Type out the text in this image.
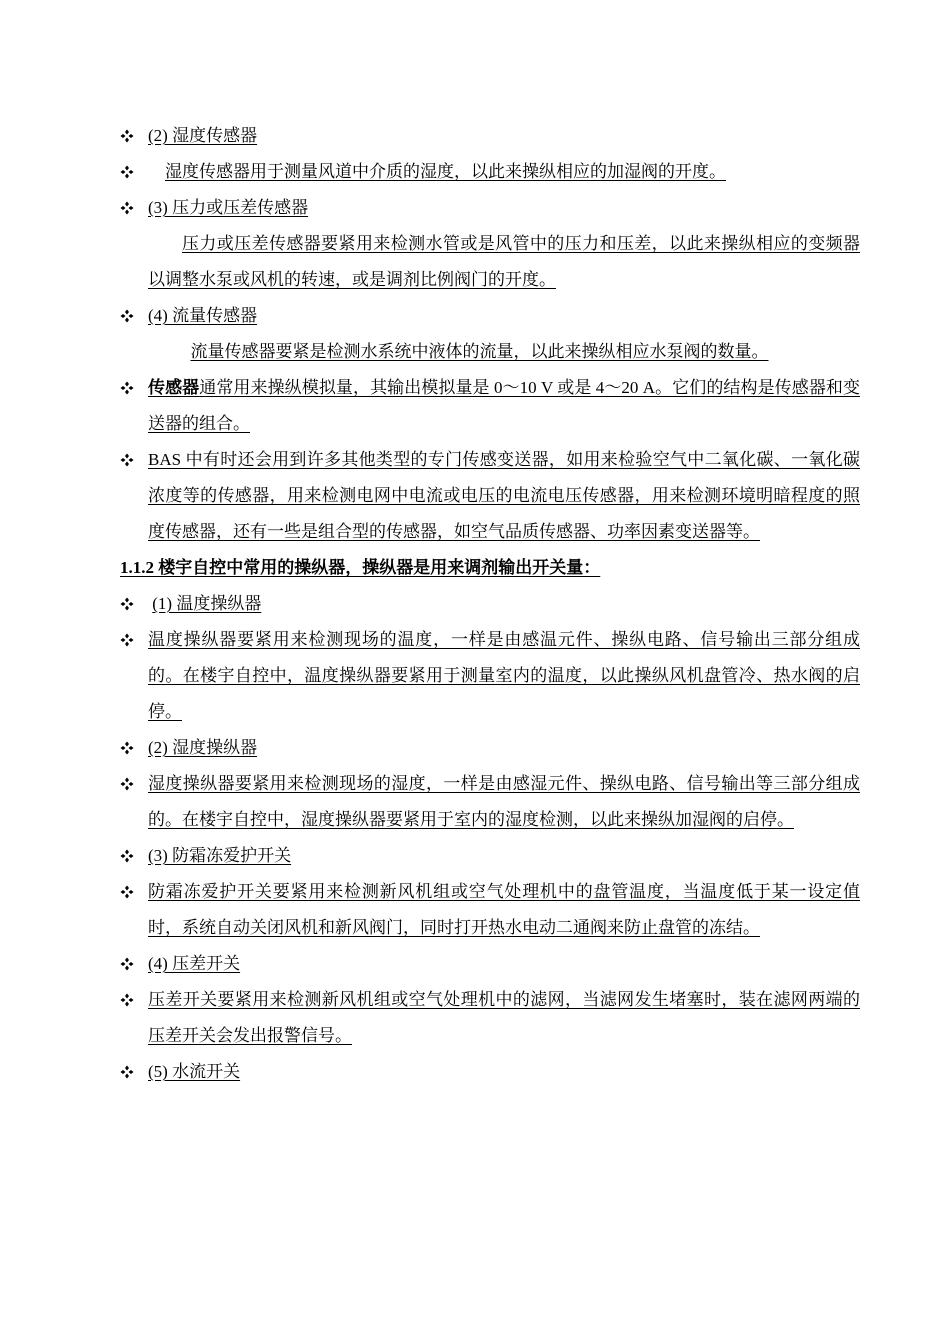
(2) 湿度传感器
湿度传感器用于测量风道中介质的湿度，以此来操纵相应的加湿阀的开度。
(3) 压力或压差传感器
压力或压差传感器要紧用来检测水管或是风管中的压力和压差，以此来操纵相应的变频器以调整水泵或风机的转速，或是调剂比例阀门的开度。
(4) 流量传感器
流量传感器要紧是检测水系统中液体的流量，以此来操纵相应水泵阀的数量。
传感器通常用来操纵模拟量，其输出模拟量是 0～10 V 或是 4～20 A。它们的结构是传感器和变送器的组合。
BAS 中有时还会用到许多其他类型的专门传感变送器，如用来检验空气中二氧化碳、一氧化碳浓度等的传感器，用来检测电网中电流或电压的电流电压传感器，用来检测环境明暗程度的照度传感器，还有一些是组合型的传感器，如空气品质传感器、功率因素变送器等。
1.1.2 楼宇自控中常用的操纵器，操纵器是用来调剂输出开关量：
(1) 温度操纵器
温度操纵器要紧用来检测现场的温度，一样是由感温元件、操纵电路、信号输出三部分组成的。在楼宇自控中，温度操纵器要紧用于测量室内的温度，以此操纵风机盘管冷、热水阀的启停。
(2) 湿度操纵器
湿度操纵器要紧用来检测现场的湿度，一样是由感湿元件、操纵电路、信号输出等三部分组成的。在楼宇自控中，湿度操纵器要紧用于室内的湿度检测，以此来操纵加湿阀的启停。
(3) 防霜冻爱护开关
防霜冻爱护开关要紧用来检测新风机组或空气处理机中的盘管温度，当温度低于某一设定值时，系统自动关闭风机和新风阀门，同时打开热水电动二通阀来防止盘管的冻结。
(4) 压差开关
压差开关要紧用来检测新风机组或空气处理机中的滤网，当滤网发生堵塞时，装在滤网两端的压差开关会发出报警信号。
(5) 水流开关
